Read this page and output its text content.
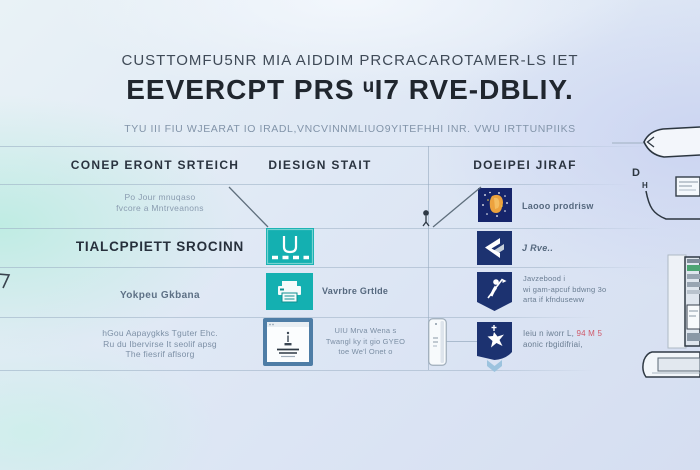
CUSTTOMFU5NR MIA AIDDIM PRCRACAROTAMER-LS IET
EEVERCPT PRS ᵘI7 RVE-DBLIY.
TYU III FIU WJEARAT IO IRADL,VNCVINNMLIUO9YITEFHHI INR. VWU IRTTUNPIIKS
CONEP ERONT SRTEICH	DIESIGN STAIT	DOEIPEI JIRAF
Po Jour mnuqaso
fvcore a Mntrveanons
TIALCPPIETT SROCINN
Yokpeu Gkbana
hGou Aapaygkks Tguter Ehc.
Ru du Ibervirse It seolif apsg
The fiesrif aflsorg
Vavrbre Grtlde
UIU Mrva Wena s
Twangl ky it gio GYEO
toe We'l Onet o
Laooo prodrisw
J Rve..
Javzebood i
wi gam-apcuf bdwng 3o
arta if kfnduseww
Ieiu n iworr L, 94 M 5
aonic rbgidifriai,
D
H
